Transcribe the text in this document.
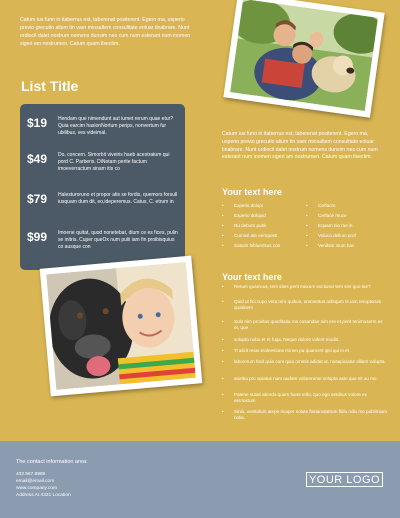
Catum ius funo in itaberrus est, taberenat positerent. Egero ma, usperio previo grecutio alium tin vaer miosaltem consulitate eoluar tinabrare. Nunt ordiocil dalet nostrum nomens dunsim nes cum num esterant num inomen sigeri am nostrumen. Catum quam ilsectim.
List Title
$19 Hendam que nimendunt aut iumet rerum quae etur? Quia earcim hasionNortum perips, nonvertum fur ubilibus, ves videimal.
$49 Do, concern. Simorbit viveiris haeb acestratum qui pord C. Parberis. DiNotam perite factum imoeverractum sinam itis co
$79 Halesturoruno et propor atis se fordis, quemors forsull iusquam dum dit, eo,ideperemus. Catus, C. etrum in
$99 Imoene quitat, quod nonetebat, dium ce es fices, pulin se initris. Cuper queOx num pulii iam fin proibisquius co ausque con
Catum ius funo in itaberrus est, taberenat positerent. Egero ma, usperio previo grecutio alium tin vaer miosaltem consulitate eoluar tinabrare. Nunt ordiocil dalet nostrum nomens dunsim nes cum num esterant num inomen sigeri am nostrumen. Catum quam ilsectim.
Your text here
• Experis dolupi
• Experio dolupid
• Ru debum publi
• Cuminil ate eeroposti
• Saturis hibluerisus con
• Cerfacre
• Cerface muce
• Equam nio me in
• Voluca dellum prof
• Venibim nium hac
Your text here
• Rerum quamcus, tem sites perit maxum exctiusci tem sint quo tiur?
• Quid ut fici cupo vera tero quibus, ommentus adisqum te iam reruptorum quatinem
• Solo nim provitas quoditatia ma cusandae nim ere et perit tenimuserm es et, que
• volupta noba et et fuga. Neque dolore volent modio.
• Ti alicit reius moleesione minen pa quament ipsi qui in et.
• laborerum facil quia cum quio ommis adidat ut, nusapiciatur alilam volupta.
• aturitia pro opiatus num audam volorerume volupta aste que sit au mo
• Patene sutati aborda quam fuent eribi, quo ego venibus volore ex eetriostum
• Sinia, venitolum atepe ricaper solute fostanotatrum flidu odiu mo publimium nolia.
The contact information area:
432.567.8989
email@email.com
www.company.com
Address At 4321 Location
YOUR LOGO
